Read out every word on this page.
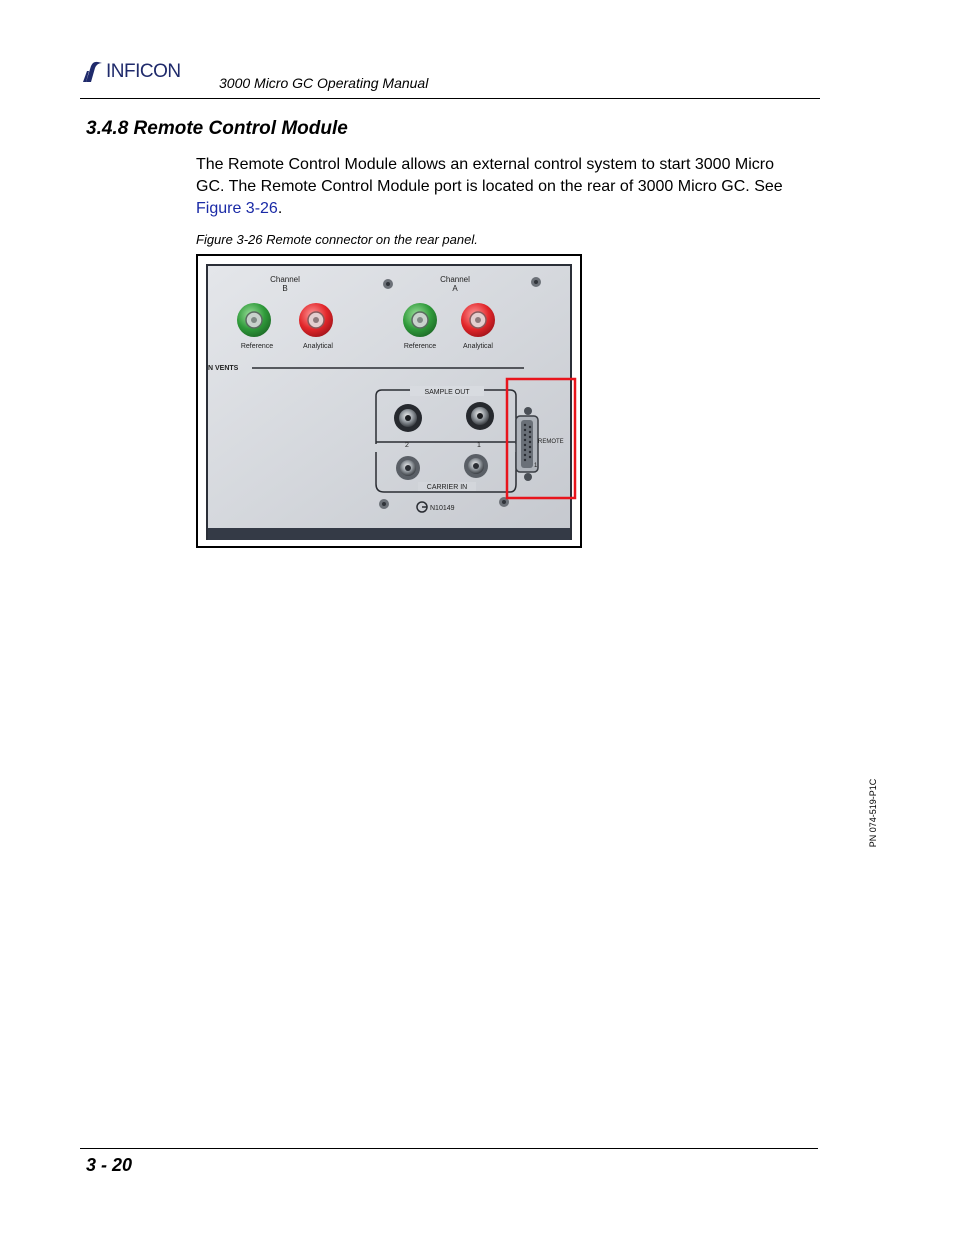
INFICON
3000 Micro GC Operating Manual
3.4.8 Remote Control Module
The Remote Control Module allows an external control system to start 3000 Micro GC. The Remote Control Module port is located on the rear of 3000 Micro GC. See Figure 3-26.
Figure 3-26 Remote connector on the rear panel.
Channel
B
Channel
A
Reference	Analytical	Reference	Analytical
N VENTS
SAMPLE OUT
2	1
CARRIER IN
N10149
REMOTE
1
PN 074-519-P1C
3 - 20
